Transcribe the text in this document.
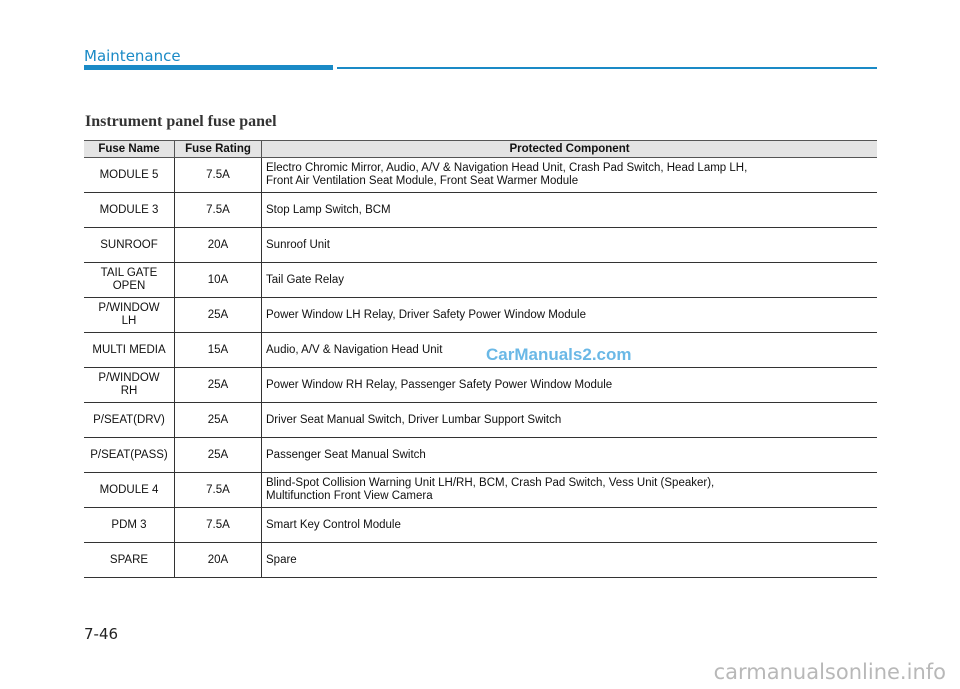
Maintenance
Instrument panel fuse panel
Fuse Name	Fuse Rating	Protected Component
MODULE 5	7.5A	Electro Chromic Mirror, Audio, A/V & Navigation Head Unit, Crash Pad Switch, Head Lamp LH,
Front Air Ventilation Seat Module, Front Seat Warmer Module
MODULE 3	7.5A	Stop Lamp Switch, BCM
SUNROOF	20A	Sunroof Unit
TAIL GATE
OPEN	10A	Tail Gate Relay
P/WINDOW
LH	25A	Power Window LH Relay, Driver Safety Power Window Module
MULTI MEDIA	15A	Audio, A/V & Navigation Head Unit
P/WINDOW
RH	25A	Power Window RH Relay, Passenger Safety Power Window Module
P/SEAT(DRV)	25A	Driver Seat Manual Switch, Driver Lumbar Support Switch
P/SEAT(PASS)	25A	Passenger Seat Manual Switch
MODULE 4	7.5A	Blind-Spot Collision Warning Unit LH/RH, BCM, Crash Pad Switch, Vess Unit (Speaker),
Multifunction Front View Camera
PDM 3	7.5A	Smart Key Control Module
SPARE	20A	Spare
CarManuals2.com
7-46
carmanualsonline.info
